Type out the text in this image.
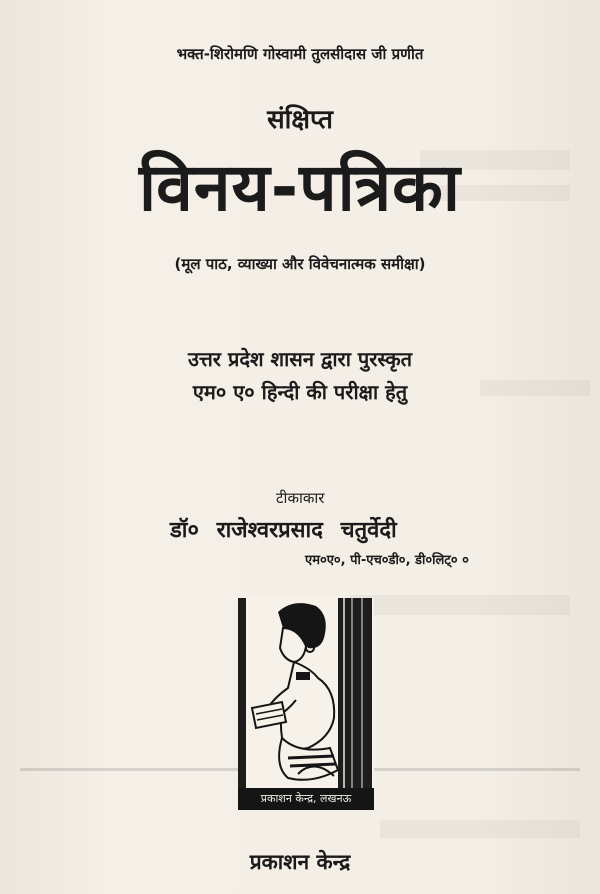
भक्त-शिरोमणि गोस्वामी तुलसीदास जी प्रणीत
संक्षिप्त
विनय-पत्रिका
(मूल पाठ, व्याख्या और विवेचनात्मक समीक्षा)
उत्तर प्रदेश शासन द्वारा पुरस्कृत
एम० ए० हिन्दी की परीक्षा हेतु
टीकाकार
डॉ० राजेश्वरप्रसाद चतुर्वेदी
एम०ए०, पी-एच०डी०, डी०लिट्० ०
प्रकाशन केन्द्र, लखनऊ
प्रकाशन केन्द्र
